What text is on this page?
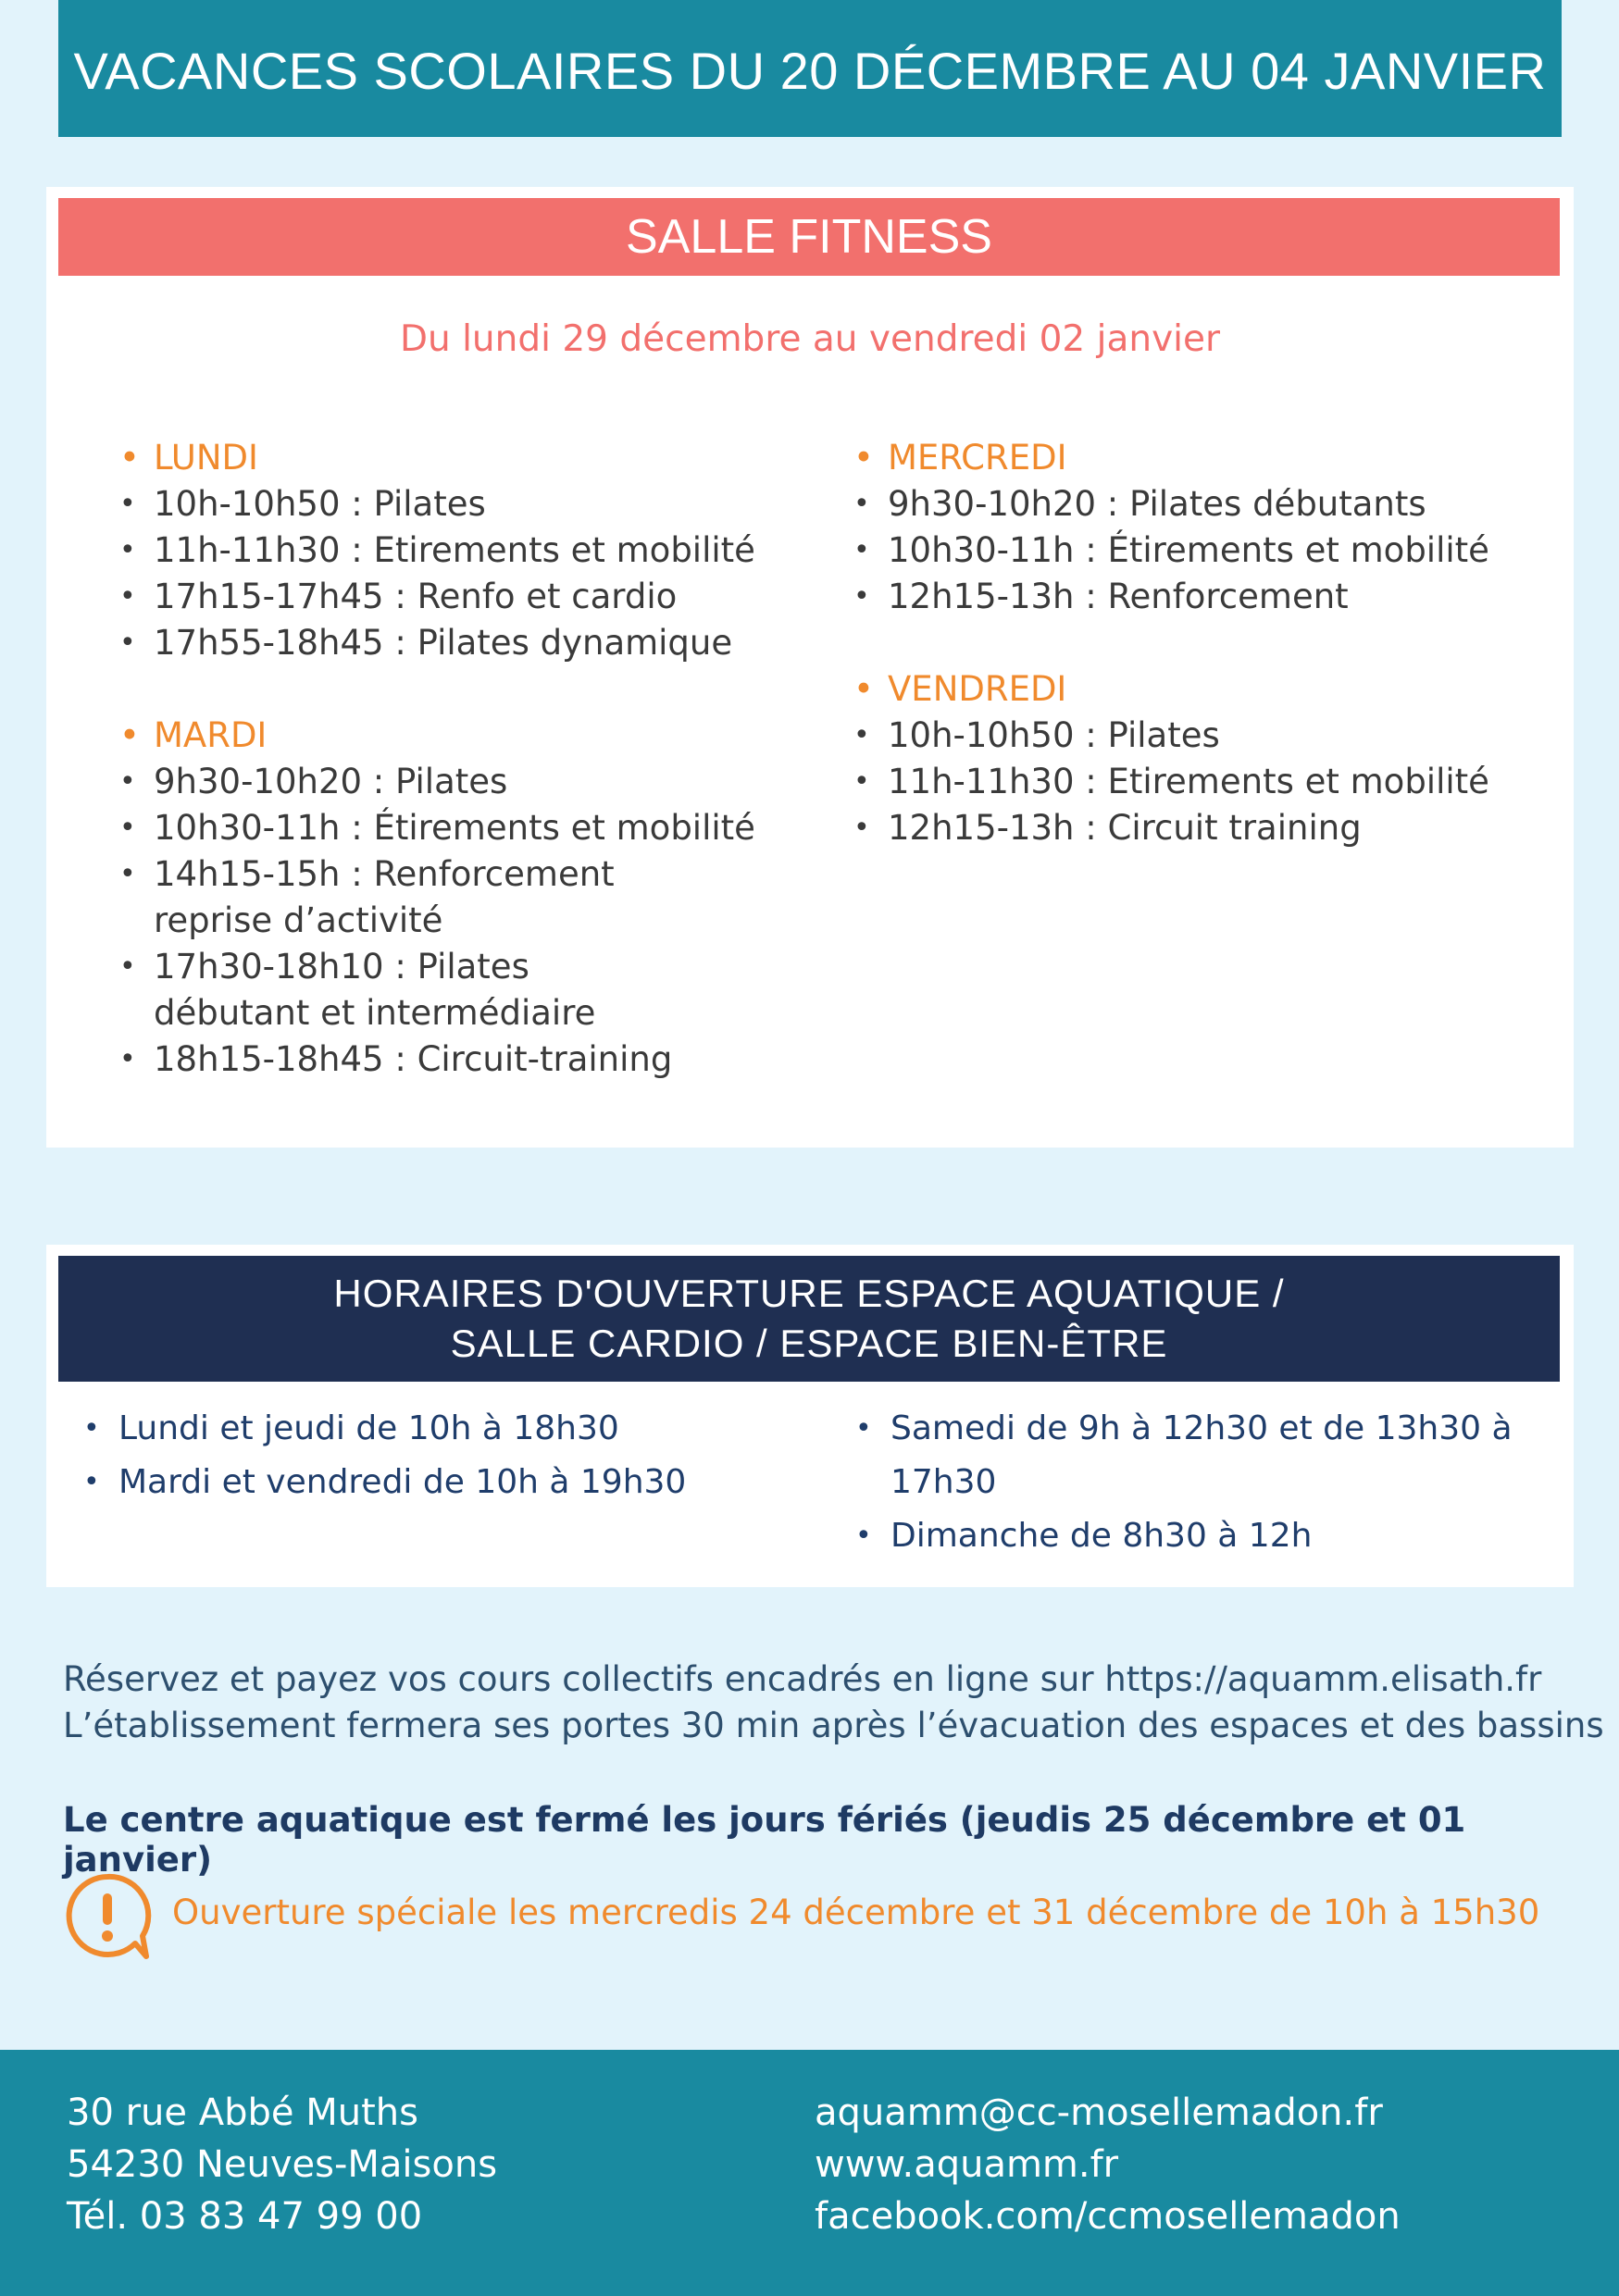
VACANCES SCOLAIRES DU 20 DÉCEMBRE AU 04 JANVIER
SALLE FITNESS
Du lundi 29 décembre au vendredi 02 janvier
• LUNDI
• 10h-10h50 : Pilates
• 11h-11h30 : Etirements et mobilité
• 17h15-17h45 : Renfo et cardio
• 17h55-18h45 : Pilates dynamique
• MARDI
• 9h30-10h20 : Pilates
• 10h30-11h : Étirements et mobilité
• 14h15-15h : Renforcement reprise d’activité
• 17h30-18h10 : Pilates débutant et intermédiaire
• 18h15-18h45 : Circuit-training
• MERCREDI
• 9h30-10h20 : Pilates débutants
• 10h30-11h : Étirements et mobilité
• 12h15-13h : Renforcement
• VENDREDI
• 10h-10h50 : Pilates
• 11h-11h30 : Etirements et mobilité
• 12h15-13h : Circuit training
HORAIRES D'OUVERTURE ESPACE AQUATIQUE /
SALLE CARDIO / ESPACE BIEN-ÊTRE
• Lundi et jeudi de 10h à 18h30
• Mardi et vendredi de 10h à 19h30
• Samedi de 9h à 12h30 et de 13h30 à 17h30
• Dimanche de 8h30 à 12h
Réservez et payez vos cours collectifs encadrés en ligne sur https://aquamm.elisath.fr
L’établissement fermera ses portes 30 min après l’évacuation des espaces et des bassins
Le centre aquatique est fermé les jours fériés (jeudis 25 décembre et 01 janvier)
Ouverture spéciale les mercredis 24 décembre et 31 décembre de 10h à 15h30
30 rue Abbé Muths
54230 Neuves-Maisons
Tél. 03 83 47 99 00
aquamm@cc-mosellemadon.fr
www.aquamm.fr
facebook.com/ccmosellemadon
